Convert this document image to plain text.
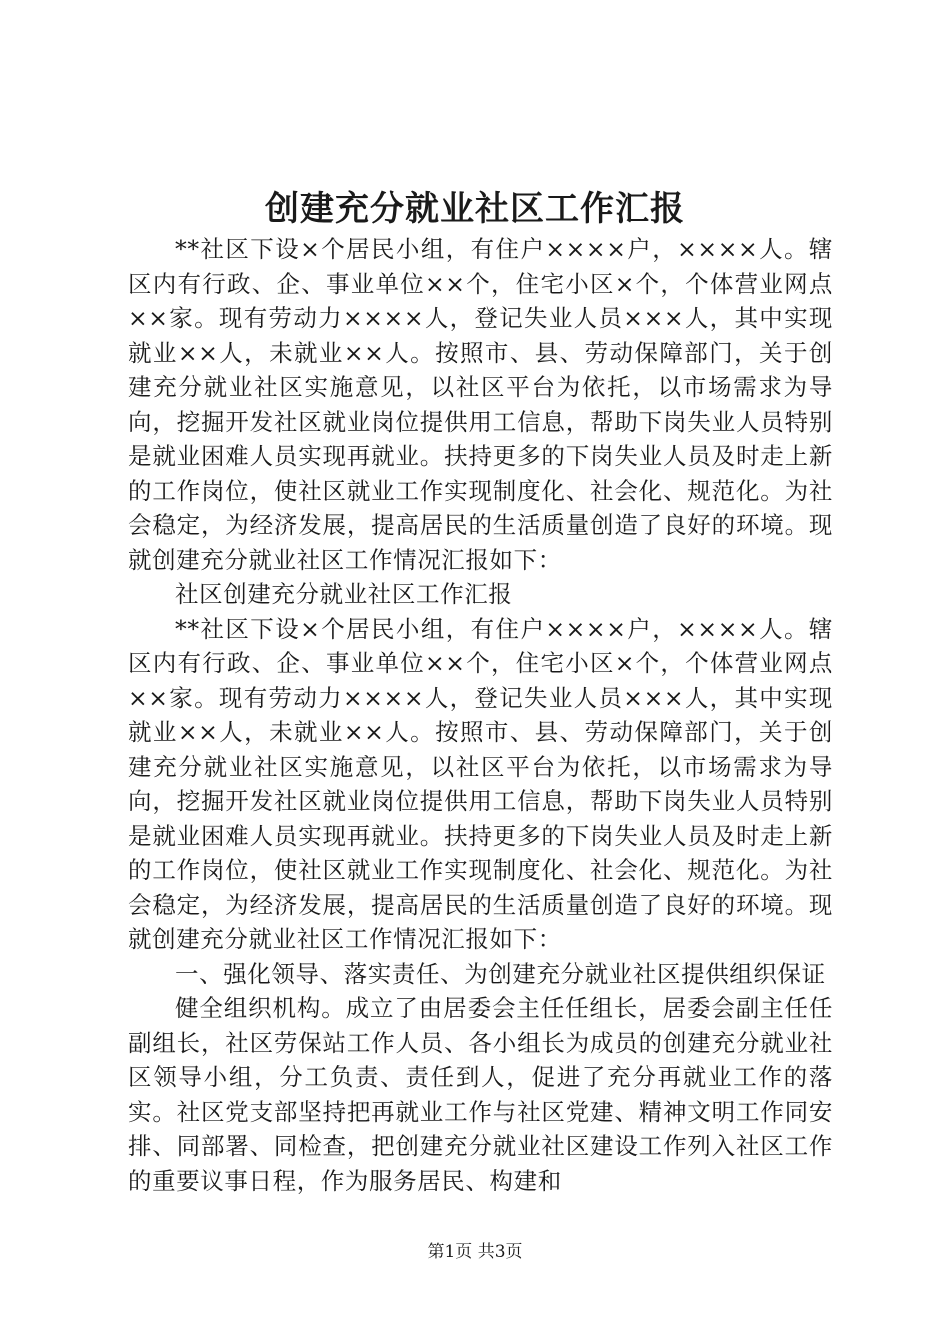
创建充分就业社区工作汇报

**社区下设×个居民小组，有住户××××户，××××人。辖区内有行政、企、事业单位××个，住宅小区×个，个体营业网点××家。现有劳动力××××人，登记失业人员×××人，其中实现就业××人，未就业××人。按照市、县、劳动保障部门，关于创建充分就业社区实施意见，以社区平台为依托，以市场需求为导向，挖掘开发社区就业岗位提供用工信息，帮助下岗失业人员特别是就业困难人员实现再就业。扶持更多的下岗失业人员及时走上新的工作岗位，使社区就业工作实现制度化、社会化、规范化。为社会稳定，为经济发展，提高居民的生活质量创造了良好的环境。现就创建充分就业社区工作情况汇报如下：

社区创建充分就业社区工作汇报

**社区下设×个居民小组，有住户××××户，××××人。辖区内有行政、企、事业单位××个，住宅小区×个，个体营业网点××家。现有劳动力××××人，登记失业人员×××人，其中实现就业××人，未就业××人。按照市、县、劳动保障部门，关于创建充分就业社区实施意见，以社区平台为依托，以市场需求为导向，挖掘开发社区就业岗位提供用工信息，帮助下岗失业人员特别是就业困难人员实现再就业。扶持更多的下岗失业人员及时走上新的工作岗位，使社区就业工作实现制度化、社会化、规范化。为社会稳定，为经济发展，提高居民的生活质量创造了良好的环境。现就创建充分就业社区工作情况汇报如下：

一、强化领导、落实责任、为创建充分就业社区提供组织保证

健全组织机构。成立了由居委会主任任组长，居委会副主任任副组长，社区劳保站工作人员、各小组长为成员的创建充分就业社区领导小组，分工负责、责任到人，促进了充分再就业工作的落实。社区党支部坚持把再就业工作与社区党建、精神文明工作同安排、同部署、同检查，把创建充分就业社区建设工作列入社区工作的重要议事日程，作为服务居民、构建和

第1页 共3页
